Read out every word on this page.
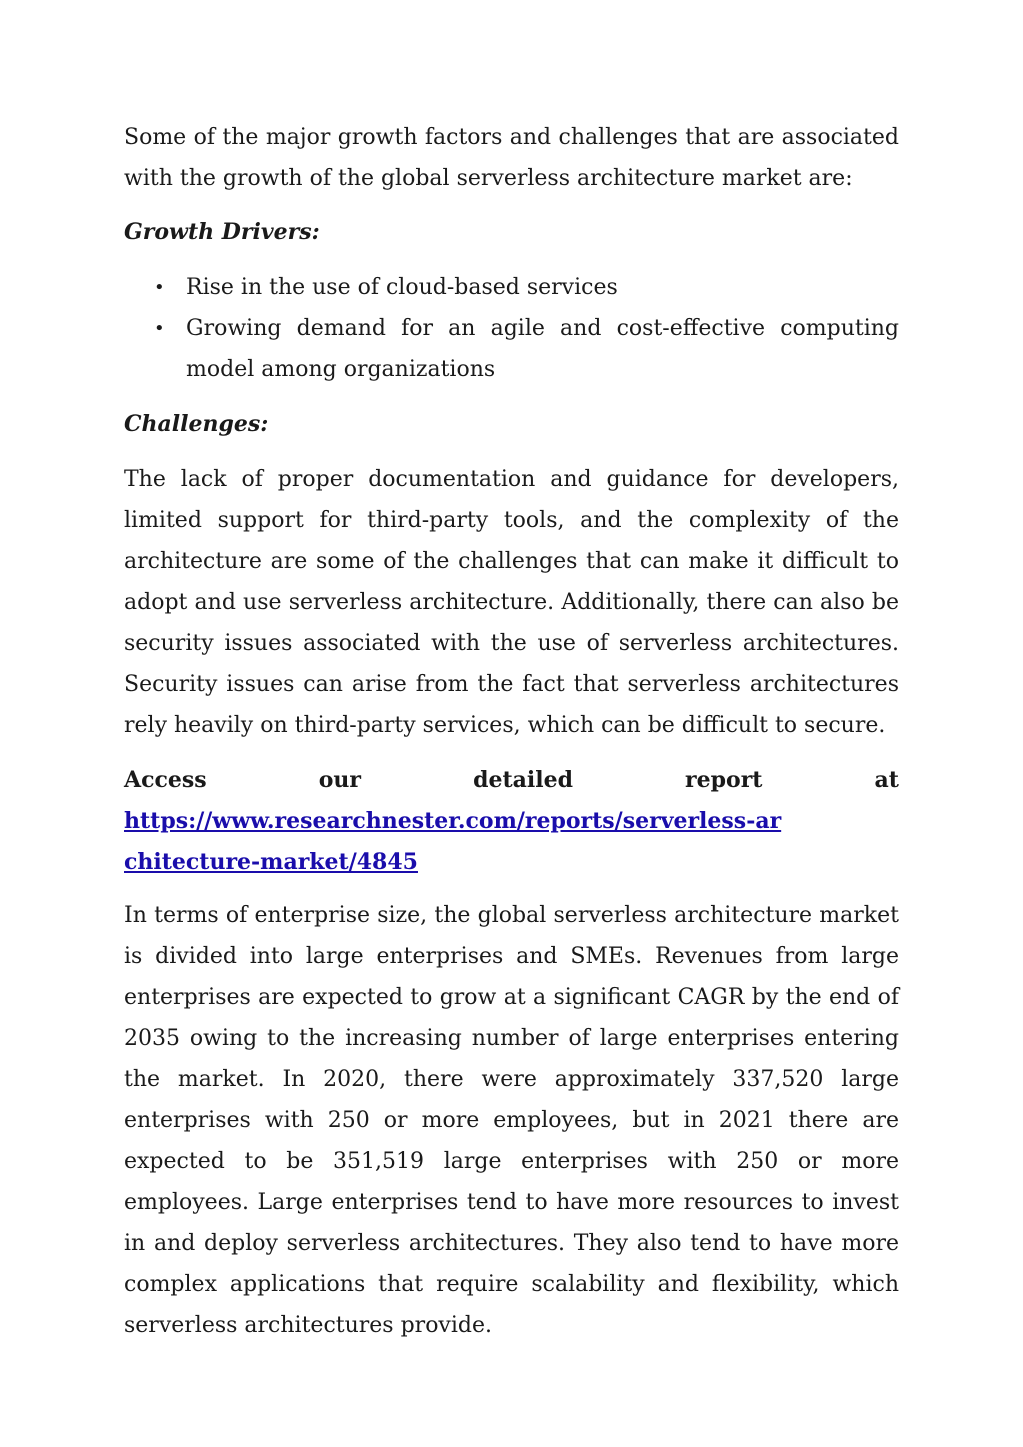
Some of the major growth factors and challenges that are associated with the growth of the global serverless architecture market are:

Growth Drivers:

• Rise in the use of cloud-based services
• Growing demand for an agile and cost-effective computing model among organizations

Challenges:

The lack of proper documentation and guidance for developers, limited support for third-party tools, and the complexity of the architecture are some of the challenges that can make it difficult to adopt and use serverless architecture. Additionally, there can also be security issues associated with the use of serverless architectures. Security issues can arise from the fact that serverless architectures rely heavily on third-party services, which can be difficult to secure.

Access	our	detailed	report	at
https://www.researchnester.com/reports/serverless-architecture-market/4845

In terms of enterprise size, the global serverless architecture market is divided into large enterprises and SMEs. Revenues from large enterprises are expected to grow at a significant CAGR by the end of 2035 owing to the increasing number of large enterprises entering the market. In 2020, there were approximately 337,520 large enterprises with 250 or more employees, but in 2021 there are expected to be 351,519 large enterprises with 250 or more employees. Large enterprises tend to have more resources to invest in and deploy serverless architectures. They also tend to have more complex applications that require scalability and flexibility, which serverless architectures provide.
